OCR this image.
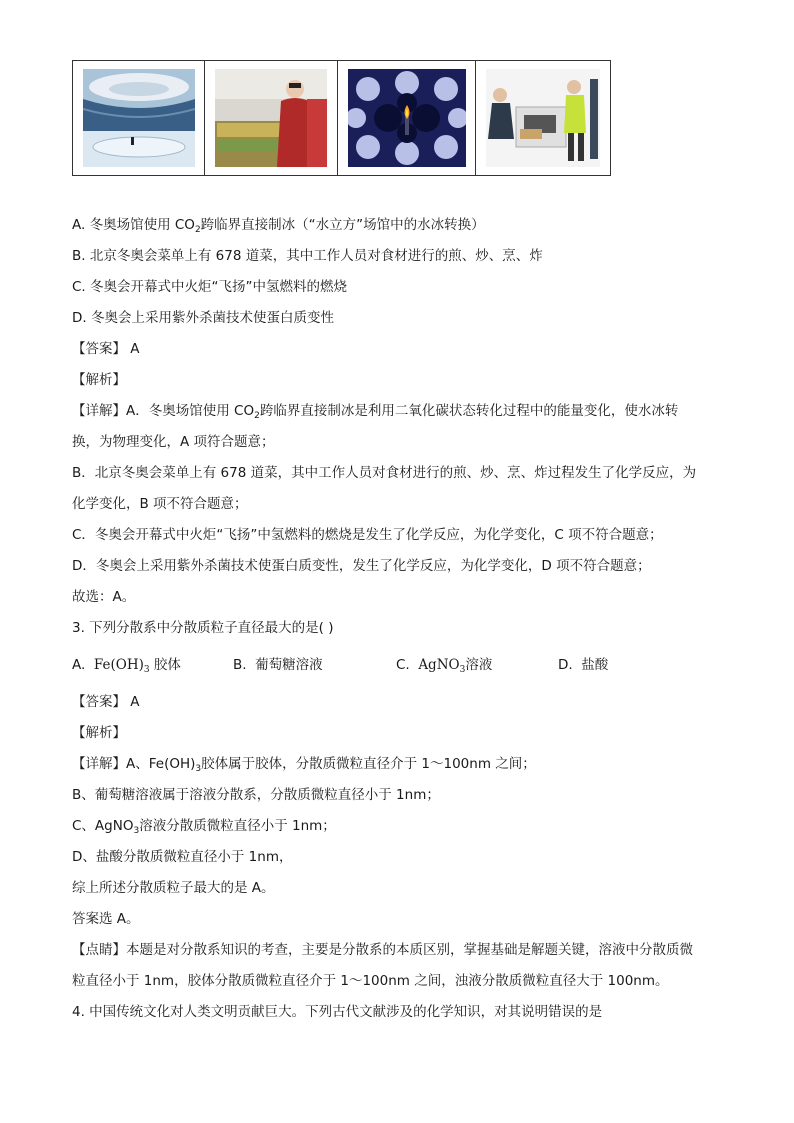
A. 冬奥场馆使用 $CO_2$跨临界直接制冰（“水立方”场馆中的水冰转换）
B. 北京冬奥会菜单上有 678 道菜，其中工作人员对食材进行的煎、炒、烹、炸
C. 冬奥会开幕式中火炬“飞扬”中氢燃料的燃烧
D. 冬奥会上采用紫外杀菌技术使蛋白质变性
【答案】 A
【解析】
【详解】A．冬奥场馆使用 $CO_2$跨临界直接制冰是利用二氧化碳状态转化过程中的能量变化，使水冰转
换，为物理变化，A 项符合题意；
B．北京冬奥会菜单上有 678 道菜，其中工作人员对食材进行的煎、炒、烹、炸过程发生了化学反应，为
化学变化，B 项不符合题意；
C．冬奥会开幕式中火炬“飞扬”中氢燃料的燃烧是发生了化学反应，为化学变化，C 项不符合题意；
D．冬奥会上采用紫外杀菌技术使蛋白质变性，发生了化学反应，为化学变化，D 项不符合题意；
故选：A。
3. 下列分散系中分散质粒子直径最大的是( )
A. $Fe(OH)_3$ 胶体	B. 葡萄糖溶液	C. AgNO$_3$溶液	D. 盐酸
【答案】 A
【解析】
【详解】A、$Fe(OH)_3$胶体属于胶体，分散质微粒直径介于 1～100nm 之间；
B、葡萄糖溶液属于溶液分散系，分散质微粒直径小于 1nm；
C、AgNO$_3$溶液分散质微粒直径小于 1nm；
D、盐酸分散质微粒直径小于 1nm，
综上所述分散质粒子最大的是 A。
答案选 A。
【点睛】本题是对分散系知识的考查，主要是分散系的本质区别，掌握基础是解题关键，溶液中分散质微
粒直径小于 1nm，胶体分散质微粒直径介于 1～100nm 之间，浊液分散质微粒直径大于 100nm。
4. 中国传统文化对人类文明贡献巨大。下列古代文献涉及的化学知识，对其说明错误的是
